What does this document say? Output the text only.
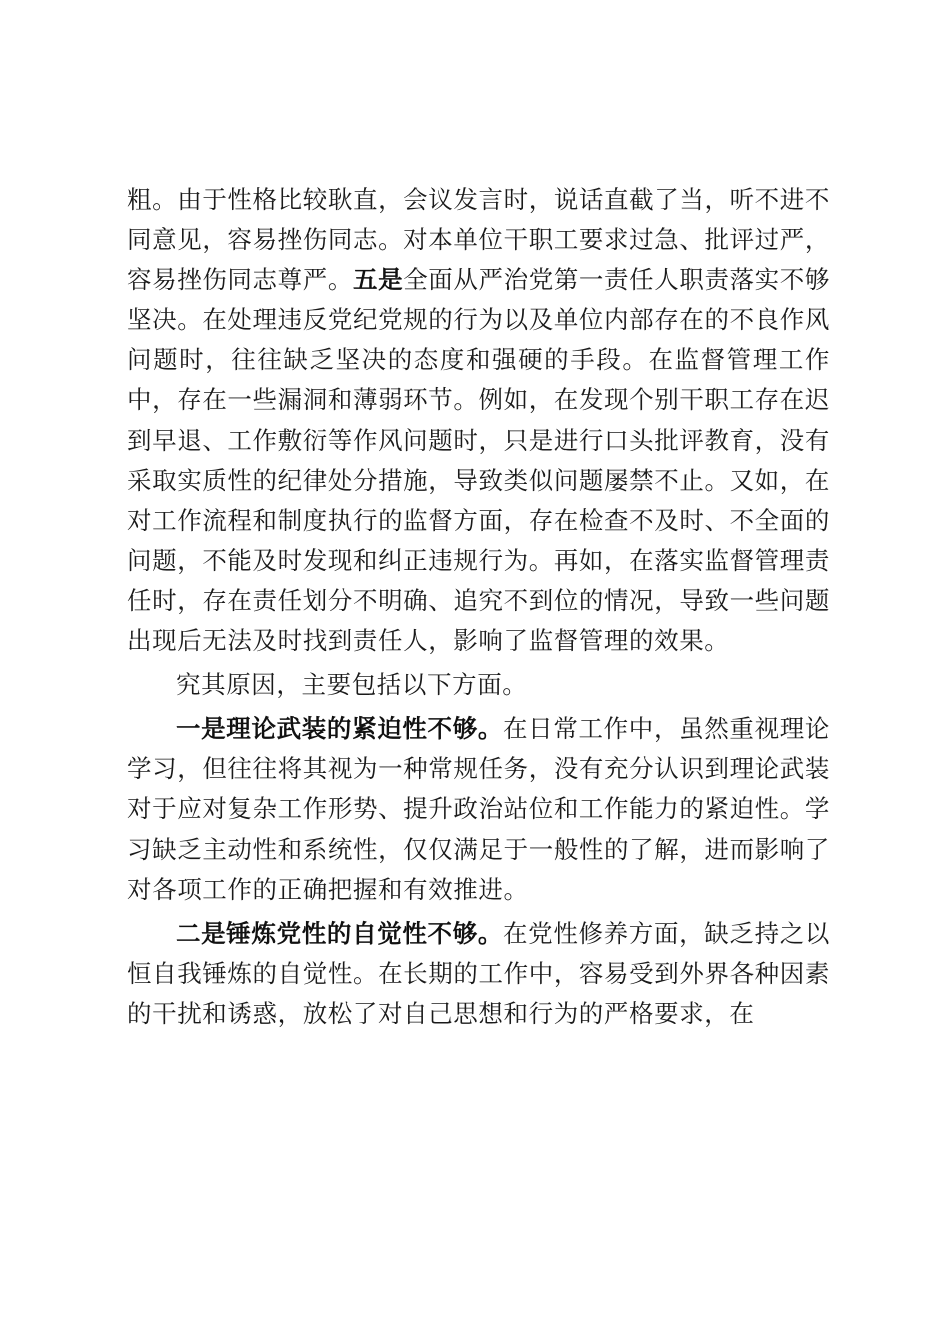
粗。由于性格比较耿直，会议发言时，说话直截了当，听不进不同意见，容易挫伤同志。对本单位干职工要求过急、批评过严，容易挫伤同志尊严。五是全面从严治党第一责任人职责落实不够坚决。在处理违反党纪党规的行为以及单位内部存在的不良作风问题时，往往缺乏坚决的态度和强硬的手段。在监督管理工作中，存在一些漏洞和薄弱环节。例如，在发现个别干职工存在迟到早退、工作敷衍等作风问题时，只是进行口头批评教育，没有采取实质性的纪律处分措施，导致类似问题屡禁不止。又如，在对工作流程和制度执行的监督方面，存在检查不及时、不全面的问题，不能及时发现和纠正违规行为。再如，在落实监督管理责任时，存在责任划分不明确、追究不到位的情况，导致一些问题出现后无法及时找到责任人，影响了监督管理的效果。

究其原因，主要包括以下方面。

一是理论武装的紧迫性不够。在日常工作中，虽然重视理论学习，但往往将其视为一种常规任务，没有充分认识到理论武装对于应对复杂工作形势、提升政治站位和工作能力的紧迫性。学习缺乏主动性和系统性，仅仅满足于一般性的了解，进而影响了对各项工作的正确把握和有效推进。

二是锤炼党性的自觉性不够。在党性修养方面，缺乏持之以恒自我锤炼的自觉性。在长期的工作中，容易受到外界各种因素的干扰和诱惑，放松了对自己思想和行为的严格要求，在
